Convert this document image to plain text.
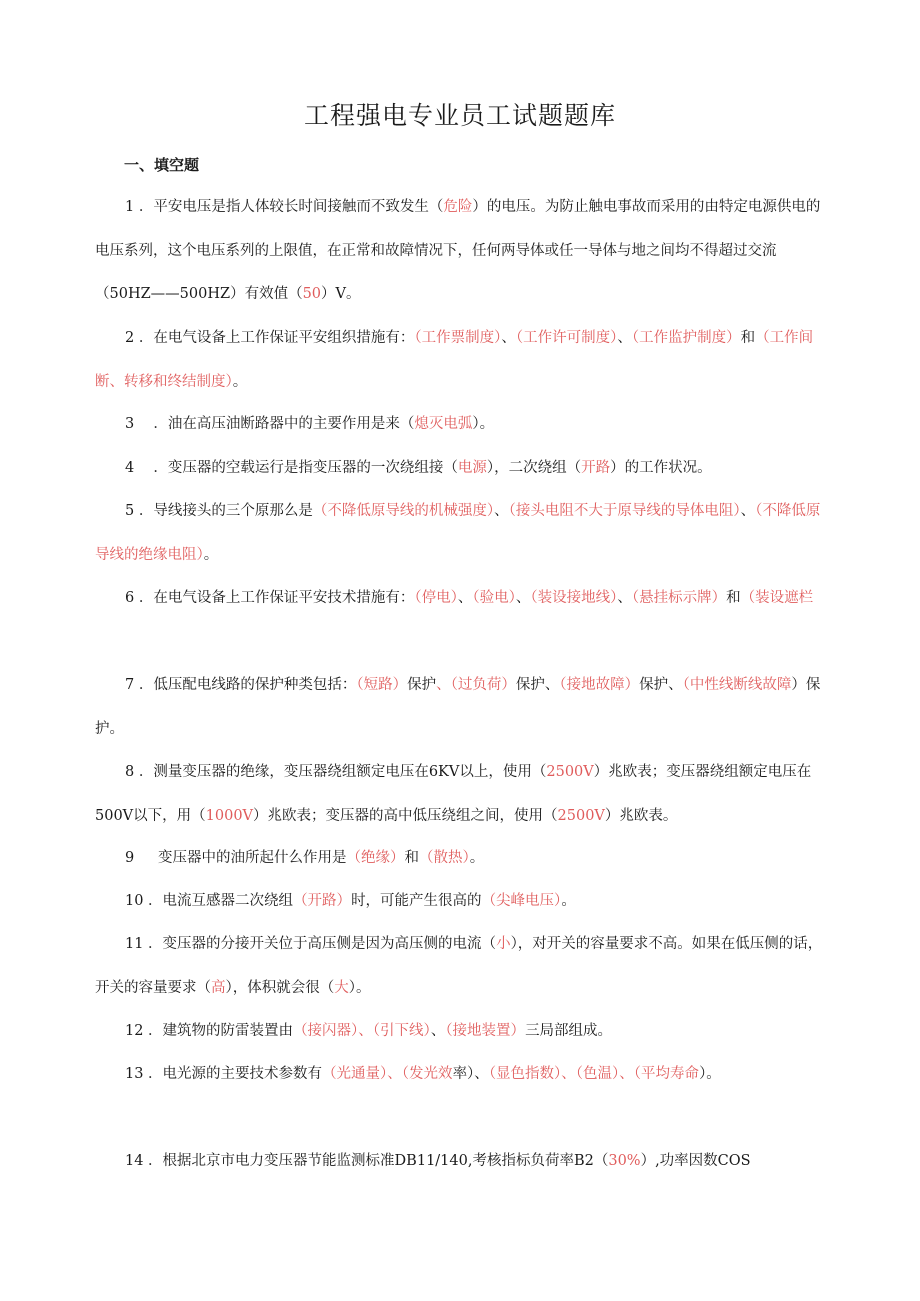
工程强电专业员工试题题库
一、填空题

1 ．平安电压是指人体较长时间接触而不致发生（危险）的电压。为防止触电事故而采用的由特定电源供电的电压系列，这个电压系列的上限值，在正常和故障情况下，任何两导体或任一导体与地之间均不得超过交流（50HZ——500HZ）有效值（50）V。

2 ．在电气设备上工作保证平安组织措施有：（工作票制度）、（工作许可制度）、（工作监护制度）和（工作间断、转移和终结制度）。

3 　．油在高压油断路器中的主要作用是来（熄灭电弧）。

4 　．变压器的空载运行是指变压器的一次绕组接（电源），二次绕组（开路）的工作状况。

5 ．导线接头的三个原那么是（不降低原导线的机械强度）、（接头电阻不大于原导线的导体电阻）、（不降低原导线的绝缘电阻）。

6 ．在电气设备上工作保证平安技术措施有：（停电）、（验电）、（装设接地线）、（悬挂标示牌）和（装设遮栏

7 ．低压配电线路的保护种类包括：（短路）保护、（过负荷）保护、（接地故障）保护、（中性线断线故障）保护。

8 ．测量变压器的绝缘，变压器绕组额定电压在6KV以上，使用（2500V）兆欧表；变压器绕组额定电压在500V以下，用（1000V）兆欧表；变压器的高中低压绕组之间，使用（2500V）兆欧表。

9 　 变压器中的油所起什么作用是（绝缘）和（散热）。

10 ．电流互感器二次绕组（开路）时，可能产生很高的（尖峰电压）。

11 ．变压器的分接开关位于高压侧是因为高压侧的电流（小），对开关的容量要求不高。如果在低压侧的话，开关的容量要求（高），体积就会很（大）。

12 ．建筑物的防雷装置由（接闪器）、（引下线）、（接地装置）三局部组成。

13 ．电光源的主要技术参数有（光通量）、（发光效率）、（显色指数）、（色温）、（平均寿命）。

14 ．根据北京市电力变压器节能监测标准DB11/140,考核指标负荷率B2（30%）,功率因数COS
